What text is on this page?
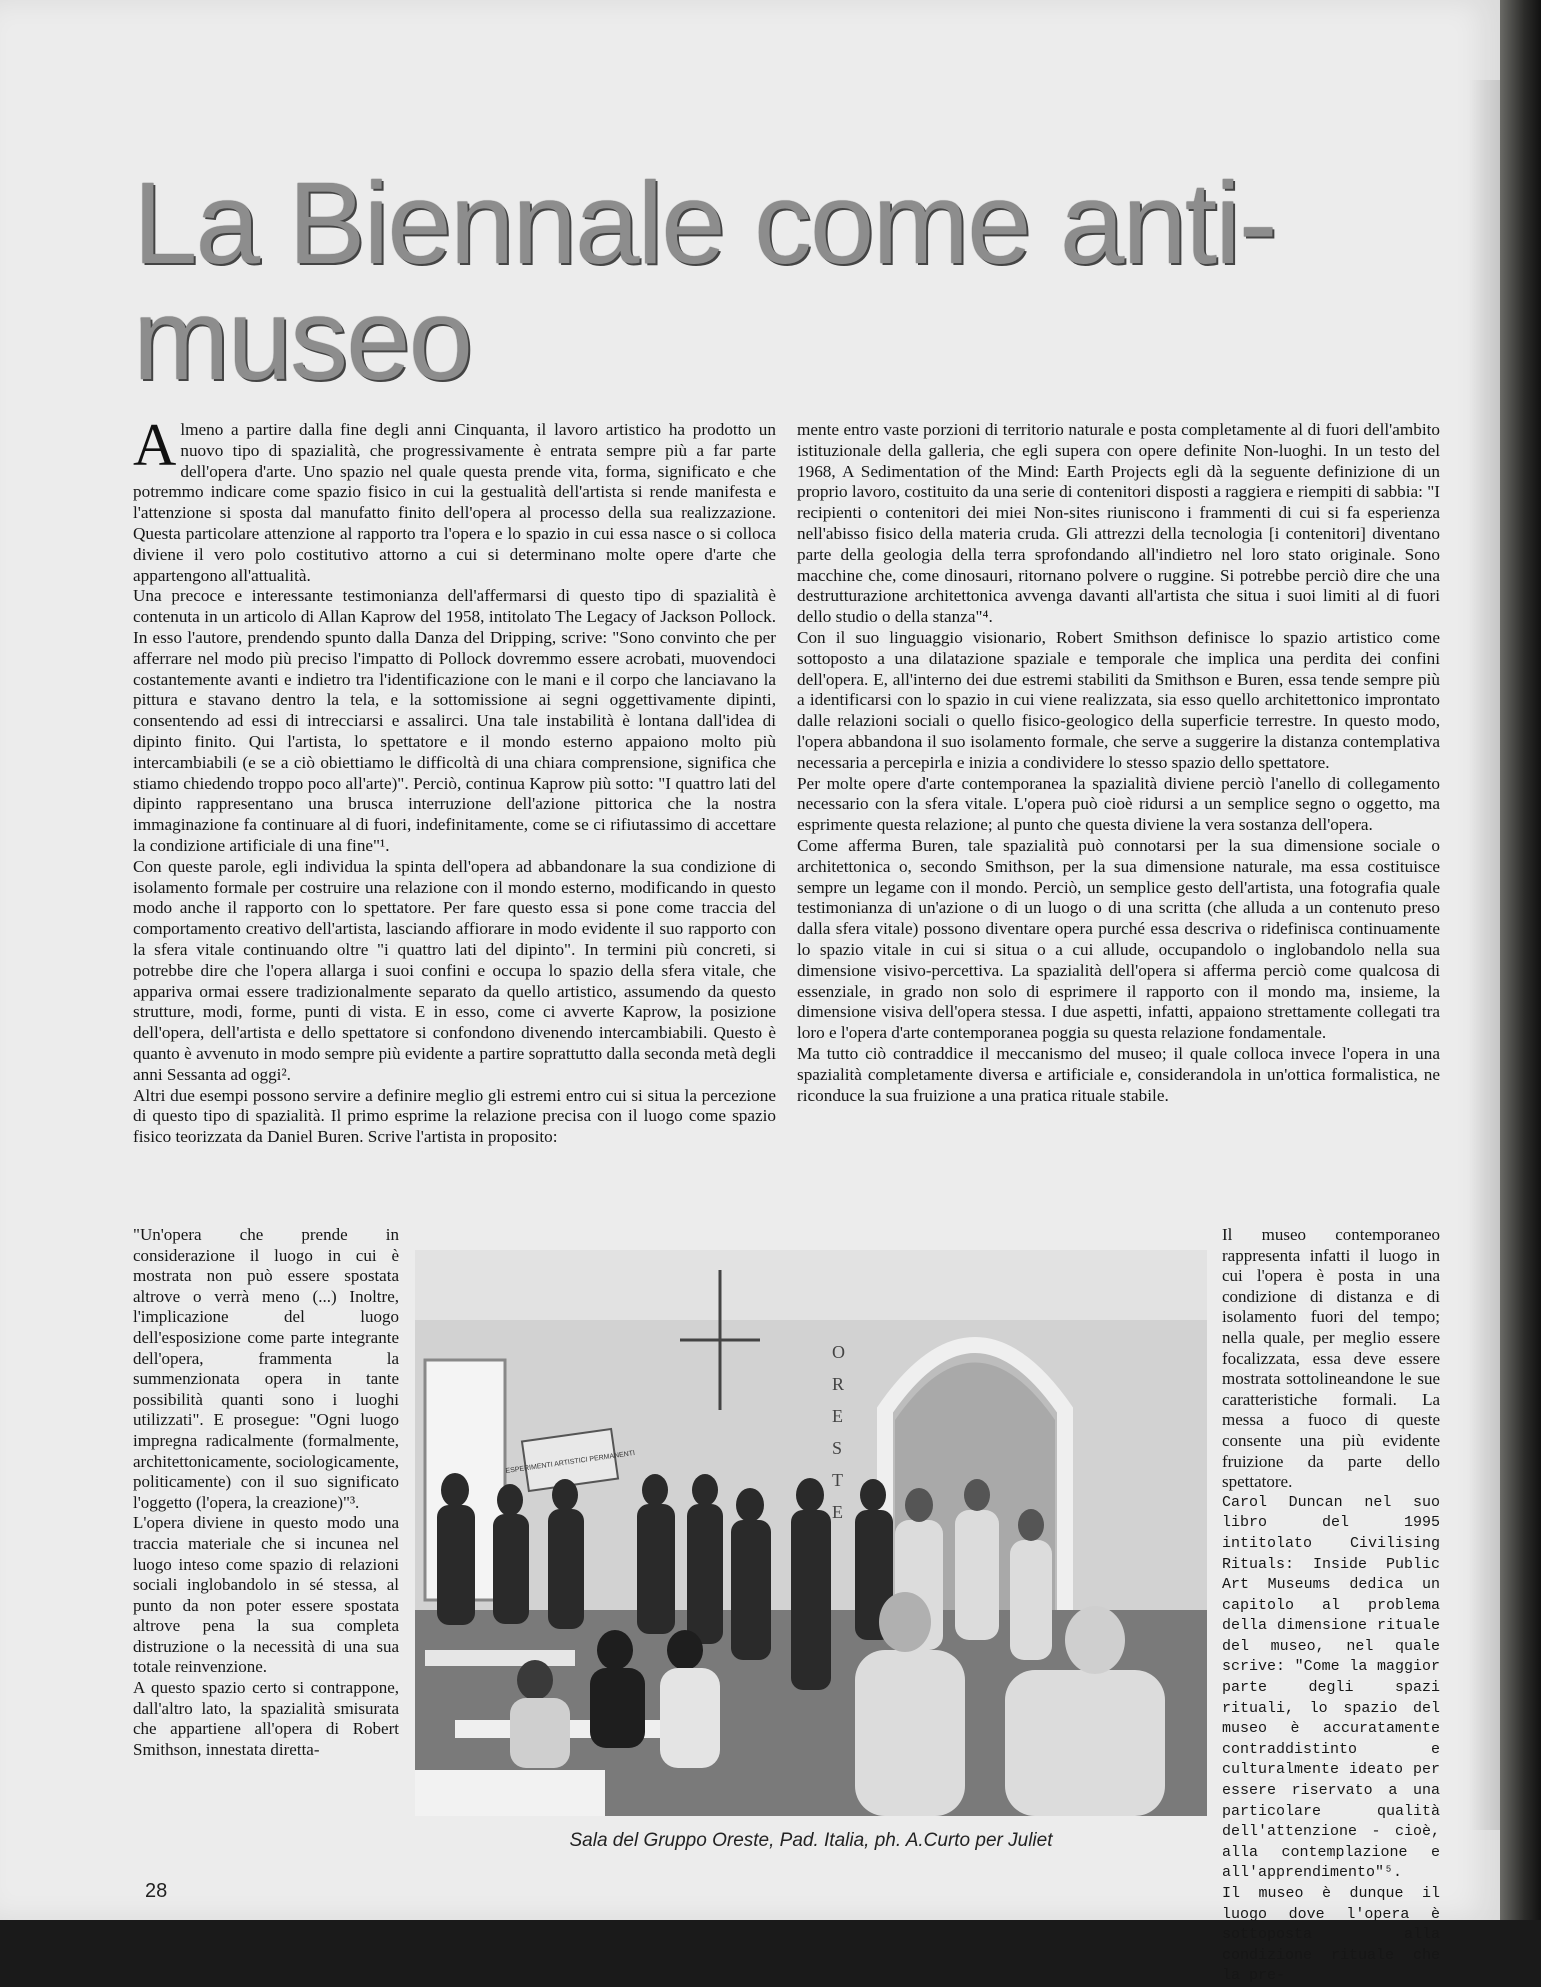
La Biennale come anti-museo
A lmeno a partire dalla fine degli anni Cinquanta, il lavoro artistico ha prodotto un nuovo tipo di spazialità, che progressivamente è entrata sempre più a far parte dell'opera d'arte. Uno spazio nel quale questa prende vita, forma, significato e che potremmo indicare come spazio fisico in cui la gestualità dell'artista si rende manifesta e l'attenzione si sposta dal manufatto finito dell'opera al processo della sua realizzazione. Questa particolare attenzione al rapporto tra l'opera e lo spazio in cui essa nasce o si colloca diviene il vero polo costitutivo attorno a cui si determinano molte opere d'arte che appartengono all'attualità.

Una precoce e interessante testimonianza dell'affermarsi di questo tipo di spazialità è contenuta in un articolo di Allan Kaprow del 1958, intitolato The Legacy of Jackson Pollock. In esso l'autore, prendendo spunto dalla Danza del Dripping, scrive: "Sono convinto che per afferrare nel modo più preciso l'impatto di Pollock dovremmo essere acrobati, muovendoci costantemente avanti e indietro tra l'identificazione con le mani e il corpo che lanciavano la pittura e stavano dentro la tela, e la sottomissione ai segni oggettivamente dipinti, consentendo ad essi di intrecciarsi e assalirci. Una tale instabilità è lontana dall'idea di dipinto finito. Qui l'artista, lo spettatore e il mondo esterno appaiono molto più intercambiabili (e se a ciò obiettiamo le difficoltà di una chiara comprensione, significa che stiamo chiedendo troppo poco all'arte)". Perciò, continua Kaprow più sotto: "I quattro lati del dipinto rappresentano una brusca interruzione dell'azione pittorica che la nostra immaginazione fa continuare al di fuori, indefinitamente, come se ci rifiutassimo di accettare la condizione artificiale di una fine"¹.

Con queste parole, egli individua la spinta dell'opera ad abbandonare la sua condizione di isolamento formale per costruire una relazione con il mondo esterno, modificando in questo modo anche il rapporto con lo spettatore. Per fare questo essa si pone come traccia del comportamento creativo dell'artista, lasciando affiorare in modo evidente il suo rapporto con la sfera vitale continuando oltre "i quattro lati del dipinto". In termini più concreti, si potrebbe dire che l'opera allarga i suoi confini e occupa lo spazio della sfera vitale, che appariva ormai essere tradizionalmente separato da quello artistico, assumendo da questo strutture, modi, forme, punti di vista. E in esso, come ci avverte Kaprow, la posizione dell'opera, dell'artista e dello spettatore si confondono divenendo intercambiabili. Questo è quanto è avvenuto in modo sempre più evidente a partire soprattutto dalla seconda metà degli anni Sessanta ad oggi².

Altri due esempi possono servire a definire meglio gli estremi entro cui si situa la percezione di questo tipo di spazialità. Il primo esprime la relazione precisa con il luogo come spazio fisico teorizzata da Daniel Buren. Scrive l'artista in proposito:

mente entro vaste porzioni di territorio naturale e posta completamente al di fuori dell'ambito istituzionale della galleria, che egli supera con opere definite Non-luoghi. In un testo del 1968, A Sedimentation of the Mind: Earth Projects egli dà la seguente definizione di un proprio lavoro, costituito da una serie di contenitori disposti a raggiera e riempiti di sabbia: "I recipienti o contenitori dei miei Non-sites riuniscono i frammenti di cui si fa esperienza nell'abisso fisico della materia cruda. Gli attrezzi della tecnologia [i contenitori] diventano parte della geologia della terra sprofondando all'indietro nel loro stato originale. Sono macchine che, come dinosauri, ritornano polvere o ruggine. Si potrebbe perciò dire che una destrutturazione architettonica avvenga davanti all'artista che situa i suoi limiti al di fuori dello studio o della stanza"⁴.

Con il suo linguaggio visionario, Robert Smithson definisce lo spazio artistico come sottoposto a una dilatazione spaziale e temporale che implica una perdita dei confini dell'opera. E, all'interno dei due estremi stabiliti da Smithson e Buren, essa tende sempre più a identificarsi con lo spazio in cui viene realizzata, sia esso quello architettonico improntato dalle relazioni sociali o quello fisico-geologico della superficie terrestre. In questo modo, l'opera abbandona il suo isolamento formale, che serve a suggerire la distanza contemplativa necessaria a percepirla e inizia a condividere lo stesso spazio dello spettatore.

Per molte opere d'arte contemporanea la spazialità diviene perciò l'anello di collegamento necessario con la sfera vitale. L'opera può cioè ridursi a un semplice segno o oggetto, ma esprimente questa relazione; al punto che questa diviene la vera sostanza dell'opera.

Come afferma Buren, tale spazialità può connotarsi per la sua dimensione sociale o architettonica o, secondo Smithson, per la sua dimensione naturale, ma essa costituisce sempre un legame con il mondo. Perciò, un semplice gesto dell'artista, una fotografia quale testimonianza di un'azione o di un luogo o di una scritta (che alluda a un contenuto preso dalla sfera vitale) possono diventare opera purché essa descriva o ridefinisca continuamente lo spazio vitale in cui si situa o a cui allude, occupandolo o inglobandolo nella sua dimensione visivo-percettiva. La spazialità dell'opera si afferma perciò come qualcosa di essenziale, in grado non solo di esprimere il rapporto con il mondo ma, insieme, la dimensione visiva dell'opera stessa. I due aspetti, infatti, appaiono strettamente collegati tra loro e l'opera d'arte contemporanea poggia su questa relazione fondamentale.

Ma tutto ciò contraddice il meccanismo del museo; il quale colloca invece l'opera in una spazialità completamente diversa e artificiale e, considerandola in un'ottica formalistica, ne riconduce la sua fruizione a una pratica rituale stabile.

"Un'opera che prende in considerazione il luogo in cui è mostrata non può essere spostata altrove o verrà meno (...) Inoltre, l'implicazione del luogo dell'esposizione come parte integrante dell'opera, frammenta la summenzionata opera in tante possibilità quanti sono i luoghi utilizzati". E prosegue: "Ogni luogo impregna radicalmente (formalmente, architettonicamente, sociologicamente, politicamente) con il suo significato l'oggetto (l'opera, la creazione)"³.

L'opera diviene in questo modo una traccia materiale che si incunea nel luogo inteso come spazio di relazioni sociali inglobandolo in sé stessa, al punto da non poter essere spostata altrove pena la sua completa distruzione o la necessità di una sua totale reinvenzione.

A questo spazio certo si contrappone, dall'altro lato, la spazialità smisurata che appartiene all'opera di Robert Smithson, innestata diretta-

Il museo contemporaneo rappresenta infatti il luogo in cui l'opera è posta in una condizione di distanza e di isolamento fuori del tempo; nella quale, per meglio essere focalizzata, essa deve essere mostrata sottolineandone le sue caratteristiche formali. La messa a fuoco di queste consente una più evidente fruizione da parte dello spettatore.

Carol Duncan nel suo libro del 1995 intitolato Civilising Rituals: Inside Public Art Museums dedica un capitolo al problema della dimensione rituale del museo, nel quale scrive: "Come la maggior parte degli spazi rituali, lo spazio del museo è accuratamente contraddistinto e culturalmente ideato per essere riservato a una particolare qualità dell'attenzione - cioè, alla contemplazione e all'apprendimento"⁵.

Il museo è dunque il luogo dove l'opera è sottoposta alla condizione rituale che la pre-

ESPERIMENTI ARTISTICI PERMANENTI
O
R
E
S
T
E
Sala del Gruppo Oreste, Pad. Italia, ph. A.Curto per Juliet
28
